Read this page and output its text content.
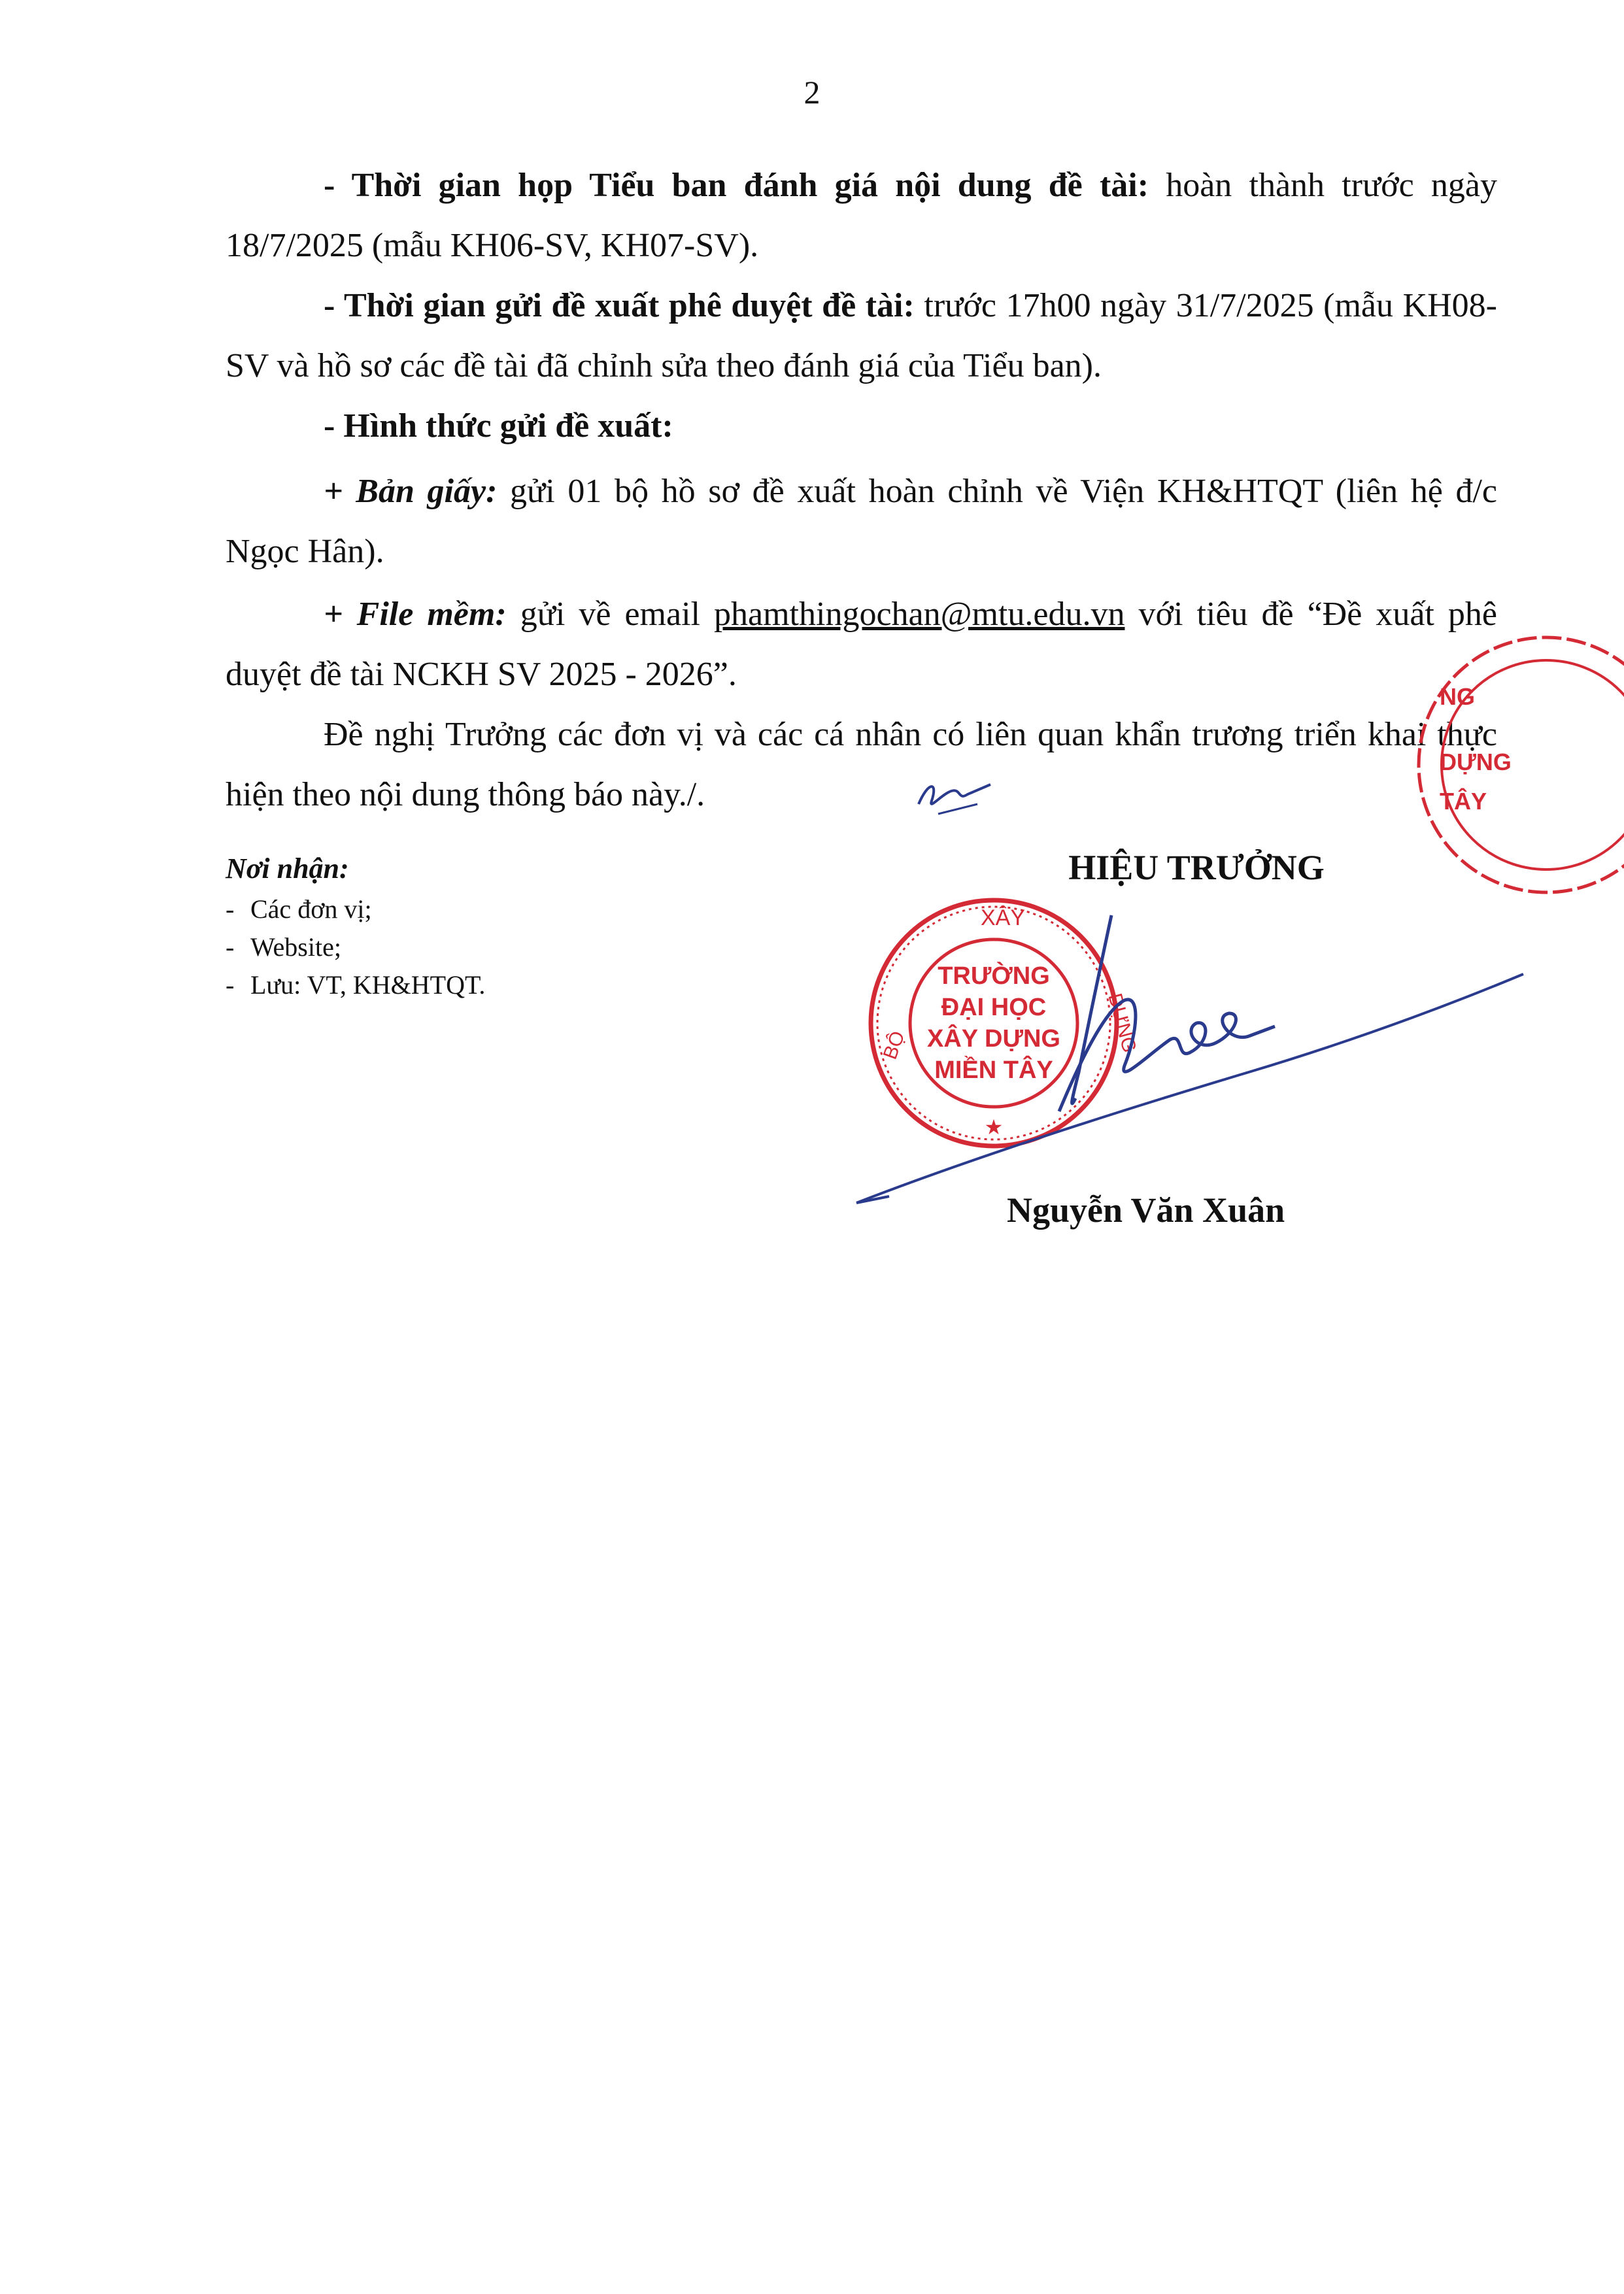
2

- Thời gian họp Tiểu ban đánh giá nội dung đề tài: hoàn thành trước ngày 18/7/2025 (mẫu KH06-SV, KH07-SV).

- Thời gian gửi đề xuất phê duyệt đề tài: trước 17h00 ngày 31/7/2025 (mẫu KH08-SV và hồ sơ các đề tài đã chỉnh sửa theo đánh giá của Tiểu ban).

- Hình thức gửi đề xuất:

+ Bản giấy: gửi 01 bộ hồ sơ đề xuất hoàn chỉnh về Viện KH&HTQT (liên hệ đ/c Ngọc Hân).

+ File mềm: gửi về email phamthingochan@mtu.edu.vn với tiêu đề “Đề xuất phê duyệt đề tài NCKH SV 2025 - 2026”.

Đề nghị Trưởng các đơn vị và các cá nhân có liên quan khẩn trương triển khai thực hiện theo nội dung thông báo này./.

NG
DỰNG
TÂY
Nơi nhận:
- Các đơn vị;
- Website;
- Lưu: VT, KH&HTQT.
HIỆU TRƯỞNG
XÂY
BỘ	DỰNG
TRƯỜNG
ĐẠI HỌC
XÂY DỰNG
MIỀN TÂY
★
Nguyễn Văn Xuân
